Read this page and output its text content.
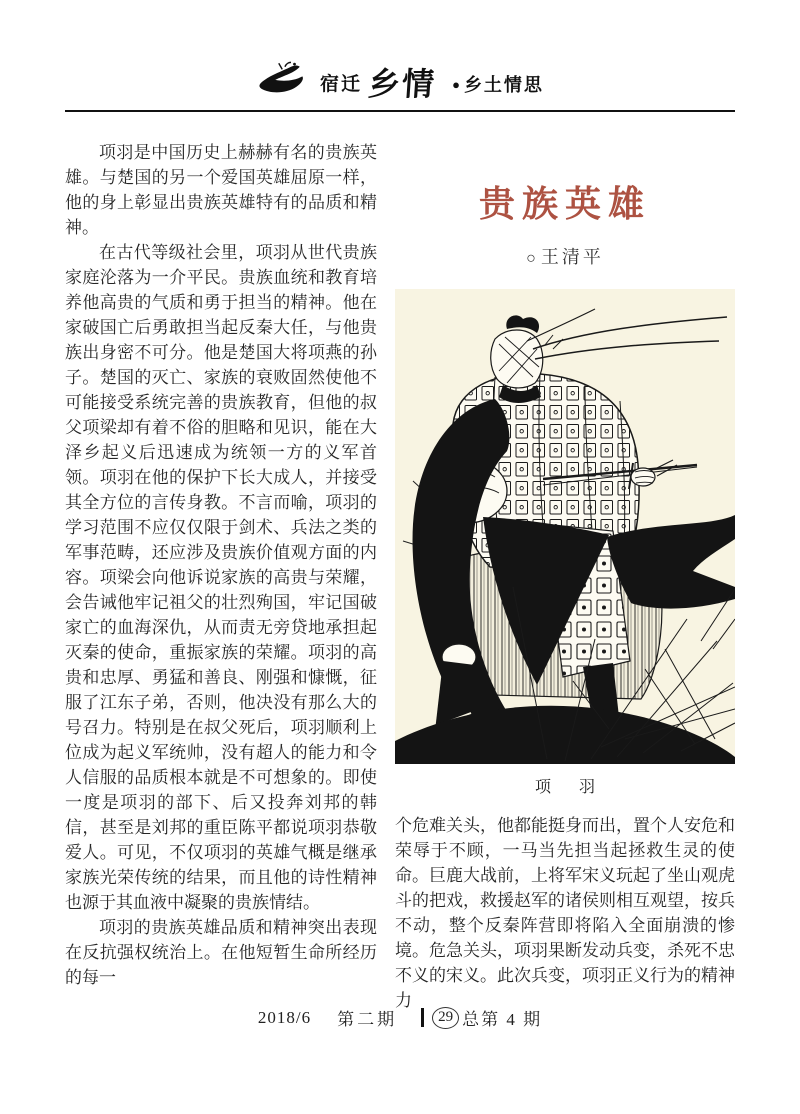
宿迁 乡情 ● 乡土情思

项羽是中国历史上赫赫有名的贵族英雄。与楚国的另一个爱国英雄屈原一样，他的身上彰显出贵族英雄特有的品质和精神。

在古代等级社会里，项羽从世代贵族家庭沦落为一介平民。贵族血统和教育培养他高贵的气质和勇于担当的精神。他在家破国亡后勇敢担当起反秦大任，与他贵族出身密不可分。他是楚国大将项燕的孙子。楚国的灭亡、家族的衰败固然使他不可能接受系统完善的贵族教育，但他的叔父项梁却有着不俗的胆略和见识，能在大泽乡起义后迅速成为统领一方的义军首领。项羽在他的保护下长大成人，并接受其全方位的言传身教。不言而喻，项羽的学习范围不应仅仅限于剑术、兵法之类的军事范畴，还应涉及贵族价值观方面的内容。项梁会向他诉说家族的高贵与荣耀，会告诫他牢记祖父的壮烈殉国，牢记国破家亡的血海深仇，从而责无旁贷地承担起灭秦的使命，重振家族的荣耀。项羽的高贵和忠厚、勇猛和善良、刚强和慷慨，征服了江东子弟，否则，他决没有那么大的号召力。特别是在叔父死后，项羽顺利上位成为起义军统帅，没有超人的能力和令人信服的品质根本就是不可想象的。即使一度是项羽的部下、后又投奔刘邦的韩信，甚至是刘邦的重臣陈平都说项羽恭敬爱人。可见，不仅项羽的英雄气概是继承家族光荣传统的结果，而且他的诗性精神也源于其血液中凝聚的贵族情结。

项羽的贵族英雄品质和精神突出表现在反抗强权统治上。在他短暂生命所经历的每一

贵族英雄
○ 王清平
项 羽

个危难关头，他都能挺身而出，置个人安危和荣辱于不顾，一马当先担当起拯救生灵的使命。巨鹿大战前，上将军宋义玩起了坐山观虎斗的把戏，救援赵军的诸侯则相互观望，按兵不动，整个反秦阵营即将陷入全面崩溃的惨境。危急关头，项羽果断发动兵变，杀死不忠不义的宋义。此次兵变，项羽正义行为的精神力

2018/6 第二期	29 总第 4 期
